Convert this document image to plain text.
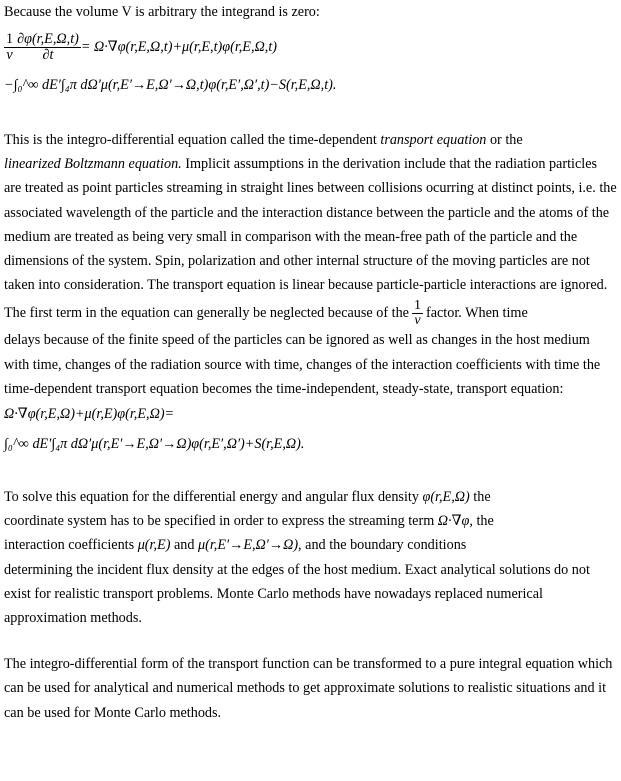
Because the volume V is arbitrary the integrand is zero:
$\frac{1}{v} \frac{\partial\varphi(r,E,\Omega,t)}{\partial t} = \Omega\cdot\nabla\varphi(r,E,\Omega,t)+\mu(r,E,t)\varphi(r,E,\Omega,t)$
−∫₀^∞ dE′∫₄π dΩ′μ(r,E′→E,Ω′→Ω,t)φ(r,E′,Ω′,t)−S(r,E,Ω,t).

This is the integro-differential equation called the time-dependent transport equation or the
linearized Boltzmann equation. Implicit assumptions in the derivation include that the radiation particles are treated as point particles streaming in straight lines between collisions ocurring at distinct points, i.e. the associated wavelength of the particle and the interaction distance between the particle and the atoms of the medium are treated as being very small in comparison with the mean-free path of the particle and the dimensions of the system. Spin, polarization and other internal structure of the moving particles are not taken into consideration. The transport equation is linear because particle-particle interactions are ignored.

The first term in the equation can generally be neglected because of the $\frac{1}{v}$ factor. When time
delays because of the finite speed of the particles can be ignored as well as changes in the host medium with time, changes of the radiation source with time, changes of the interaction coefficients with time the time-dependent transport equation becomes the time-independent, steady-state, transport equation:

Ω·∇φ(r,E,Ω)+μ(r,E)φ(r,E,Ω)=
∫₀^∞ dE′∫₄π dΩ′μ(r,E′→E,Ω′→Ω)φ(r,E′,Ω′)+S(r,E,Ω).

To solve this equation for the differential energy and angular flux density φ(r,E,Ω) the
coordinate system has to be specified in order to express the streaming term Ω·∇φ, the
interaction coefficients μ(r,E) and μ(r,E′→E,Ω′→Ω), and the boundary conditions
determining the incident flux density at the edges of the host medium. Exact analytical solutions do not exist for realistic transport problems. Monte Carlo methods have nowadays replaced numerical approximation methods.

The integro-differential form of the transport function can be transformed to a pure integral equation which can be used for analytical and numerical methods to get approximate solutions to realistic situations and it can be used for Monte Carlo methods.
